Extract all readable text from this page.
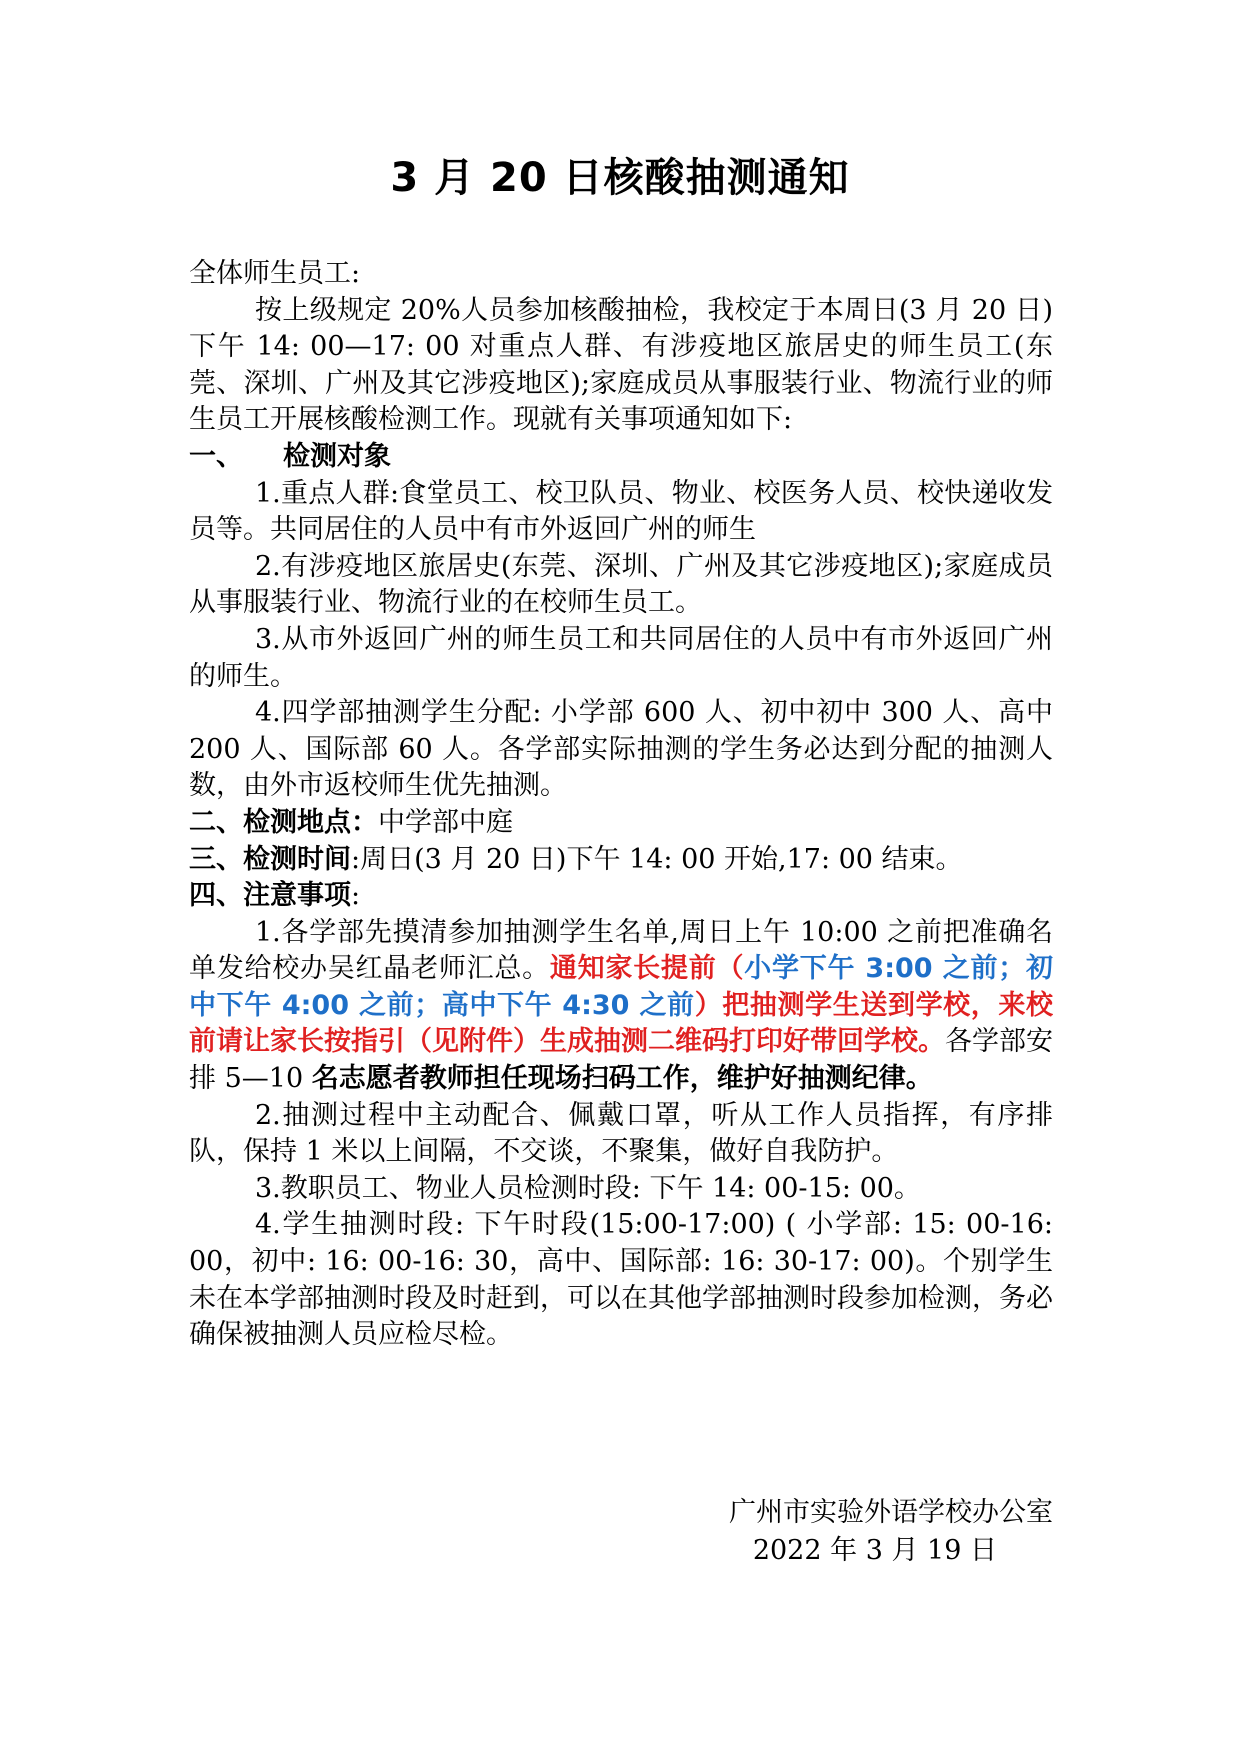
3 月 20 日核酸抽测通知

全体师生员工:

按上级规定 20%人员参加核酸抽检，我校定于本周日(3 月 20 日)下午 14: 00—17: 00 对重点人群、有涉疫地区旅居史的师生员工(东莞、深圳、广州及其它涉疫地区);家庭成员从事服装行业、物流行业的师生员工开展核酸检测工作。现就有关事项通知如下:

一、 检测对象

1.重点人群:食堂员工、校卫队员、物业、校医务人员、校快递收发员等。共同居住的人员中有市外返回广州的师生

2.有涉疫地区旅居史(东莞、深圳、广州及其它涉疫地区);家庭成员从事服装行业、物流行业的在校师生员工。

3.从市外返回广州的师生员工和共同居住的人员中有市外返回广州的师生。

4.四学部抽测学生分配: 小学部 600 人、初中初中 300 人、高中 200 人、国际部 60 人。各学部实际抽测的学生务必达到分配的抽测人数，由外市返校师生优先抽测。

二、检测地点：中学部中庭

三、检测时间:周日(3 月 20 日)下午 14: 00 开始,17: 00 结束。

四、注意事项:

1.各学部先摸清参加抽测学生名单,周日上午 10:00 之前把准确名单发给校办吴红晶老师汇总。通知家长提前（小学下午 3:00 之前；初中下午 4:00 之前；高中下午 4:30 之前）把抽测学生送到学校，来校前请让家长按指引（见附件）生成抽测二维码打印好带回学校。各学部安排 5—10 名志愿者教师担任现场扫码工作，维护好抽测纪律。

2.抽测过程中主动配合、佩戴口罩，听从工作人员指挥，有序排队，保持 1 米以上间隔，不交谈，不聚集，做好自我防护。

3.教职员工、物业人员检测时段: 下午 14: 00-15: 00。

4.学生抽测时段: 下午时段(15:00-17:00) ( 小学部: 15: 00-16: 00，初中: 16: 00-16: 30，高中、国际部: 16: 30-17: 00)。个别学生未在本学部抽测时段及时赶到，可以在其他学部抽测时段参加检测，务必确保被抽测人员应检尽检。

广州市实验外语学校办公室
2022 年 3 月 19 日
